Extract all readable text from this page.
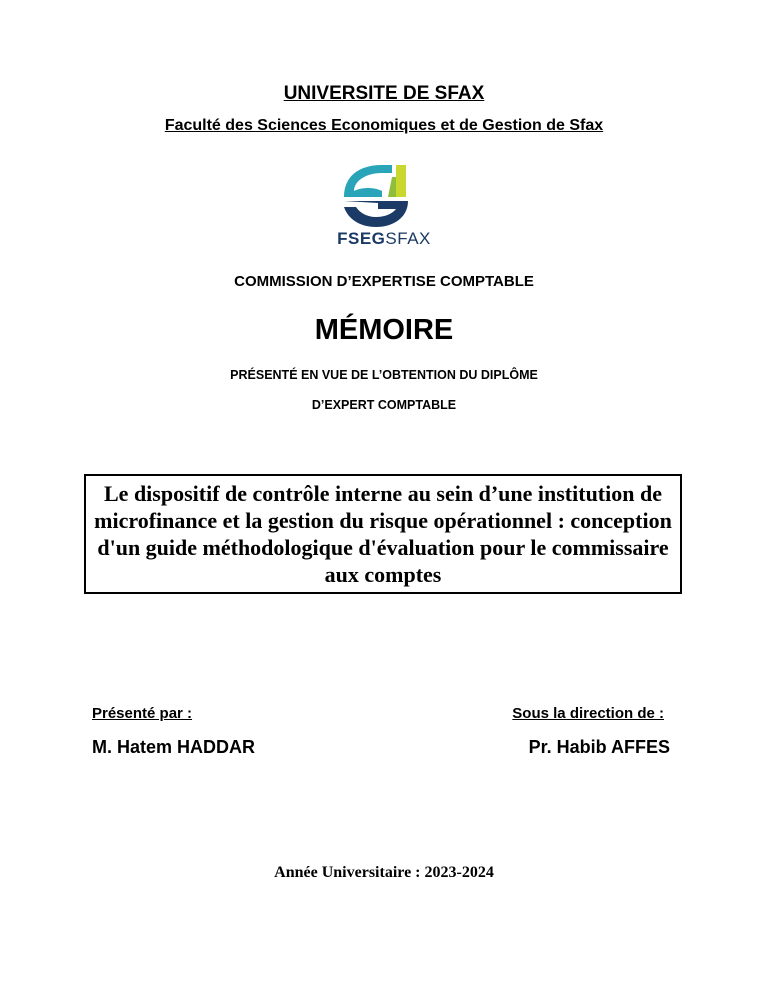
UNIVERSITE DE SFAX
Faculté des Sciences Economiques et de Gestion de Sfax
FSEGSFAX
COMMISSION D’EXPERTISE COMPTABLE
MÉMOIRE
PRÉSENTÉ EN VUE DE L’OBTENTION DU DIPLÔME
D’EXPERT COMPTABLE
Le dispositif de contrôle interne au sein d’une institution de microfinance et la gestion du risque opérationnel : conception d'un guide méthodologique d'évaluation pour le commissaire aux comptes
Présenté par :	Sous la direction de :
M. Hatem HADDAR	Pr. Habib AFFES
Année Universitaire : 2023-2024
